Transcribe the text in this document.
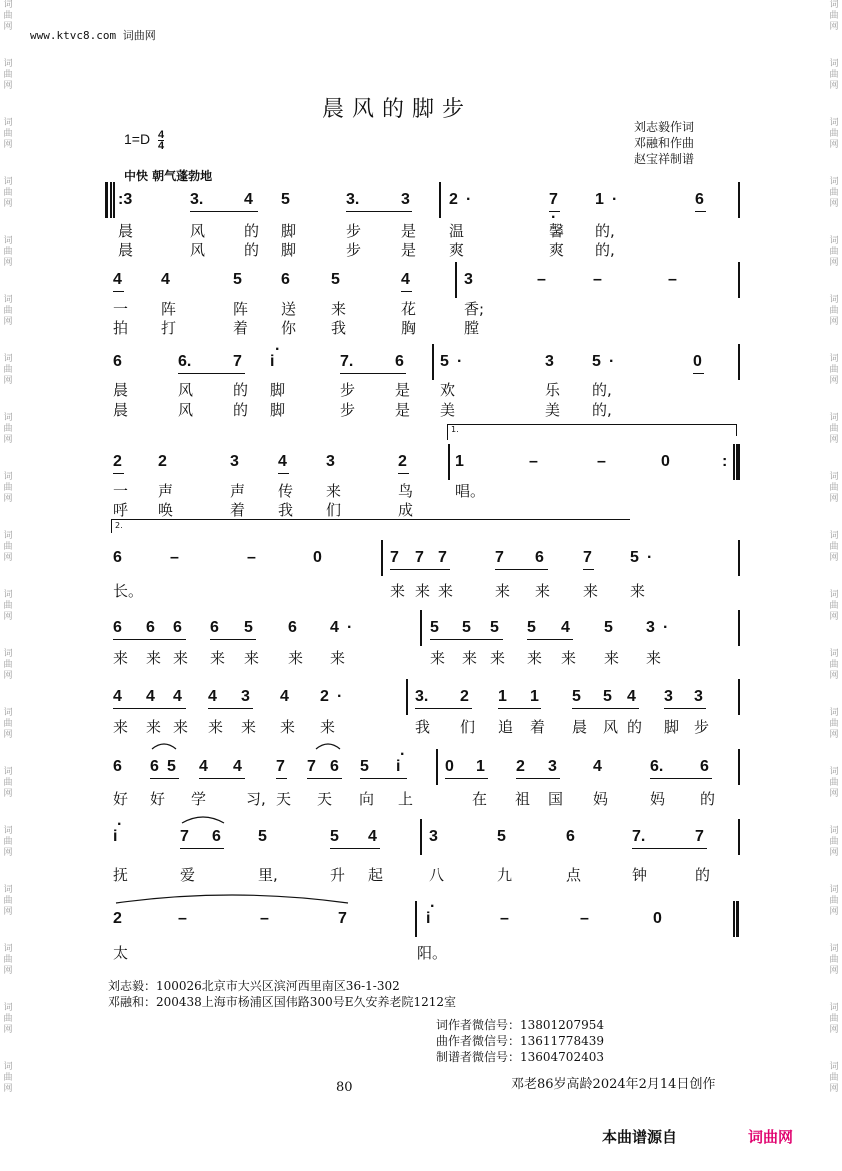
词
曲
网
词
曲
网
词
曲
网
词
曲
网
词
曲
网
词
曲
网
词
曲
网
词
曲
网
词
曲
网
词
曲
网
词
曲
网
词
曲
网
词
曲
网
词
曲
网
词
曲
网
词
曲
网
词
曲
网
词
曲
网
词
曲
网
词
曲
网
词
曲
网
词
曲
网
词
曲
网
词
曲
网
词
曲
网
词
曲
网
词
曲
网
词
曲
网
词
曲
网
词
曲
网
词
曲
网
词
曲
网
词
曲
网
词
曲
网
词
曲
网
词
曲
网
词
曲
网
词
曲
网
www.ktvc8.com 词曲网
晨风的脚步
刘志毅作词
邓融和作曲
赵宝祥制谱
$1=D \frac{4}{4}$
中快 朝气蓬勃地
:3	3.	4 5	3.	3 2 ·	7 1 ·	6
晨	风	的 脚	步	是 温	馨 的,
晨	风	的 脚	步	是 爽	爽 的,
4 4	5 6	5	4	3	–	–	–
一 阵	阵 送 来	花	香;
拍 打	着 你 我	胸	膛
6	6.	7 i	7.	6 5 ·	3 5 ·	0
晨	风	的 脚	步	是 欢	乐 的,
晨	风	的 脚	步	是 美	美 的,
2 2	3 4 3	2	1	–	–	0	:
一 声	声 传 来	鸟	唱。
呼 唤	着 我 们	成
6	–	–	0	7 7 7	7 6 7 5 ·
长。	来 来 来	来 来 来 来
6 6 6 6 5 6 4 ·	5 5 5 5 4 5 3 ·
来 来 来 来 来 来 来	来 来 来 来 来 来 来
4 4 4 4 3 4 2 ·	3. 2 1 1 5 5 4 3 3
来 来 来 来 来 来 来	我 们 追 着 晨 风 的 脚 步
6 6 5 4 4 7 7 6 5 i	0 1 2 3 4	6. 6
好 好 学	习, 天 天 向 上	在 祖 国 妈	妈 的
i	7 6 5	5 4	3	5	6	7.	7
抚	爱	里,	升 起	八	九	点	钟	的
2	–	–	7	i	–	–	0
太	阳。
1.
2.
·
·
·
·
·
刘志毅：100026北京市大兴区滨河西里南区36-1-302
邓融和：200438上海市杨浦区国伟路300号E久安养老院1212室
词作者微信号：13801207954
曲作者微信号：13611778439
制谱者微信号：13604702403
80	邓老86岁高龄2024年2月14日创作
本曲谱源自	词曲网
